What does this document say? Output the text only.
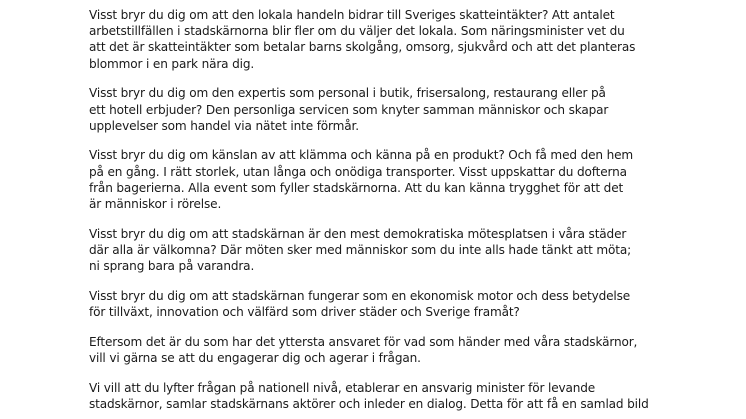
Visst bryr du dig om att den lokala handeln bidrar till Sveriges skatteintäkter? Att antalet
arbetstillfällen i stadskärnorna blir fler om du väljer det lokala. Som näringsminister vet du
att det är skatteintäkter som betalar barns skolgång, omsorg, sjukvård och att det planteras
blommor i en park nära dig.

Visst bryr du dig om den expertis som personal i butik, frisersalong, restaurang eller på
ett hotell erbjuder? Den personliga servicen som knyter samman människor och skapar
upplevelser som handel via nätet inte förmår.

Visst bryr du dig om känslan av att klämma och känna på en produkt? Och få med den hem
på en gång. I rätt storlek, utan långa och onödiga transporter. Visst uppskattar du dofterna
från bagerierna. Alla event som fyller stadskärnorna. Att du kan känna trygghet för att det
är människor i rörelse.

Visst bryr du dig om att stadskärnan är den mest demokratiska mötesplatsen i våra städer
där alla är välkomna? Där möten sker med människor som du inte alls hade tänkt att möta;
ni sprang bara på varandra.

Visst bryr du dig om att stadskärnan fungerar som en ekonomisk motor och dess betydelse
för tillväxt, innovation och välfärd som driver städer och Sverige framåt?

Eftersom det är du som har det yttersta ansvaret för vad som händer med våra stadskärnor,
vill vi gärna se att du engagerar dig och agerar i frågan.

Vi vill att du lyfter frågan på nationell nivå, etablerar en ansvarig minister för levande
stadskärnor, samlar stadskärnans aktörer och inleder en dialog. Detta för att få en samlad bild
